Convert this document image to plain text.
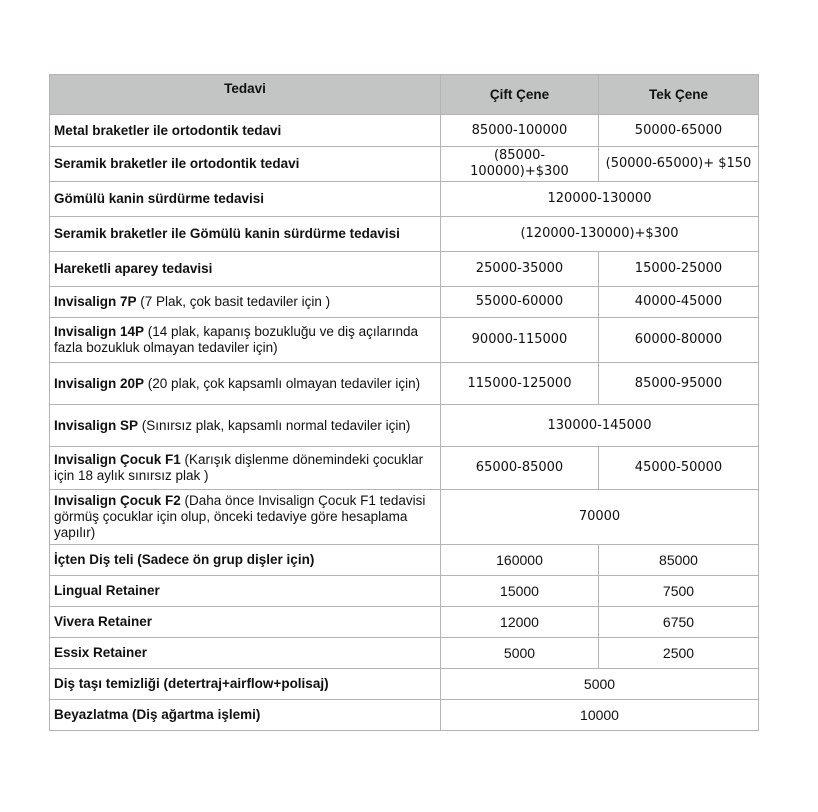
Tedavi	Çift Çene	Tek Çene
Metal braketler ile ortodontik tedavi	85000-100000	50000-65000
Seramik braketler ile ortodontik tedavi	(85000-100000)+$300	(50000-65000)+ $150
Gömülü kanin sürdürme tedavisi	120000-130000	
Seramik braketler ile Gömülü kanin sürdürme tedavisi	(120000-130000)+$300	
Hareketli aparey tedavisi	25000-35000	15000-25000
Invisalign 7P (7 Plak, çok basit tedaviler için )	55000-60000	40000-45000
Invisalign 14P (14 plak, kapanış bozukluğu ve diş açılarında fazla bozukluk olmayan tedaviler için)	90000-115000	60000-80000
Invisalign 20P (20 plak, çok kapsamlı olmayan tedaviler için)	115000-125000	85000-95000
Invisalign SP (Sınırsız plak, kapsamlı normal tedaviler için)	130000-145000	
Invisalign Çocuk F1 (Karışık dişlenme dönemindeki çocuklar için 18 aylık sınırsız plak )	65000-85000	45000-50000
Invisalign Çocuk F2 (Daha önce Invisalign Çocuk F1 tedavisi görmüş çocuklar için olup, önceki tedaviye göre hesaplama yapılır)	70000	
İçten Diş teli (Sadece ön grup dişler için)	160000	85000
Lingual Retainer	15000	7500
Vivera Retainer	12000	6750
Essix Retainer	5000	2500
Diş taşı temizliği (detertraj+airflow+polisaj)	5000	
Beyazlatma (Diş ağartma işlemi)	10000	
